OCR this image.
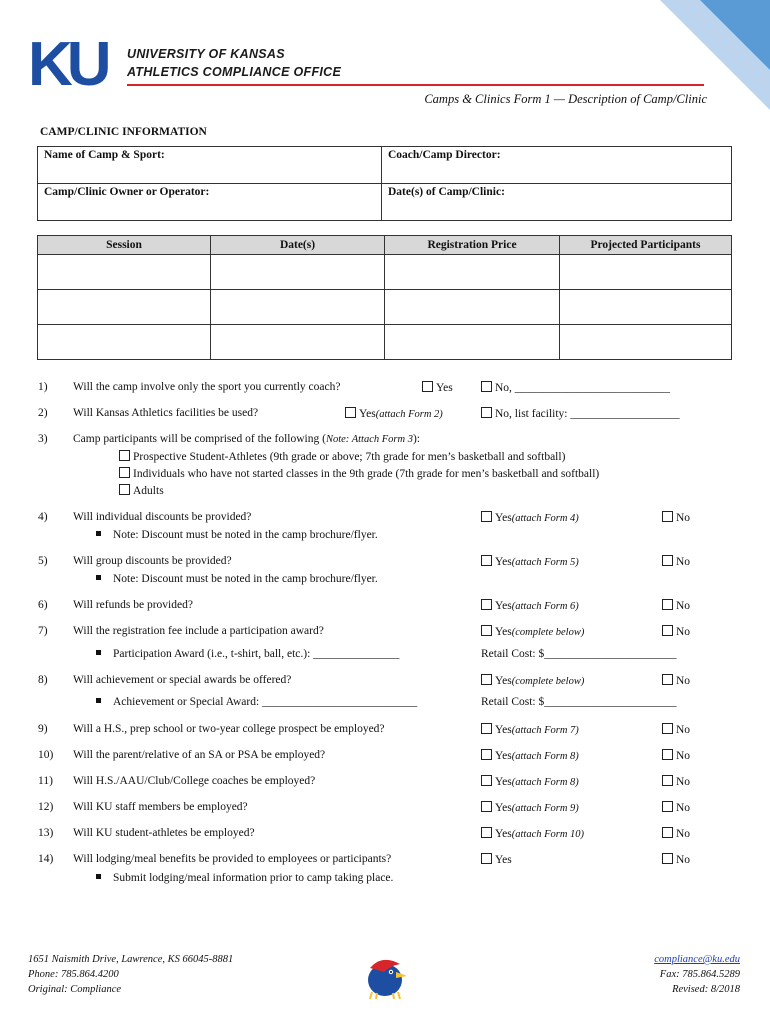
KU UNIVERSITY OF KANSAS
ATHLETICS COMPLIANCE OFFICE
Camps & Clinics Form 1 — Description of Camp/Clinic
CAMP/CLINIC INFORMATION
Name of Camp & Sport:	Coach/Camp Director:
Camp/Clinic Owner or Operator:	Date(s) of Camp/Clinic:
Session	Date(s)	Registration Price	Projected Participants

1) Will the camp involve only the sport you currently coach?	Yes	No, ___________________________
2) Will Kansas Athletics facilities be used?	Yes(attach Form 2)	No, list facility: ___________________
3) Camp participants will be comprised of the following (Note: Attach Form 3):
Prospective Student-Athletes (9th grade or above; 7th grade for men’s basketball and softball)
Individuals who have not started classes in the 9th grade (7th grade for men’s basketball and softball)
Adults
4) Will individual discounts be provided?	Yes(attach Form 4)	No
Note: Discount must be noted in the camp brochure/flyer.
5) Will group discounts be provided?	Yes(attach Form 5)	No
Note: Discount must be noted in the camp brochure/flyer.
6) Will refunds be provided?	Yes(attach Form 6)	No
7) Will the registration fee include a participation award?	Yes(complete below)	No
Participation Award (i.e., t-shirt, ball, etc.): _______________	Retail Cost: $_______________________
8) Will achievement or special awards be offered?	Yes(complete below)	No
Achievement or Special Award: ___________________________	Retail Cost: $_______________________
9) Will a H.S., prep school or two-year college prospect be employed?	Yes(attach Form 7)	No
10) Will the parent/relative of an SA or PSA be employed?	Yes(attach Form 8)	No
11) Will H.S./AAU/Club/College coaches be employed?	Yes(attach Form 8)	No
12) Will KU staff members be employed?	Yes(attach Form 9)	No
13) Will KU student-athletes be employed?	Yes(attach Form 10)	No
14) Will lodging/meal benefits be provided to employees or participants?	Yes	No
Submit lodging/meal information prior to camp taking place.
1651 Naismith Drive, Lawrence, KS 66045-8881
Phone: 785.864.4200
Original: Compliance
compliance@ku.edu
Fax: 785.864.5289
Revised: 8/2018
